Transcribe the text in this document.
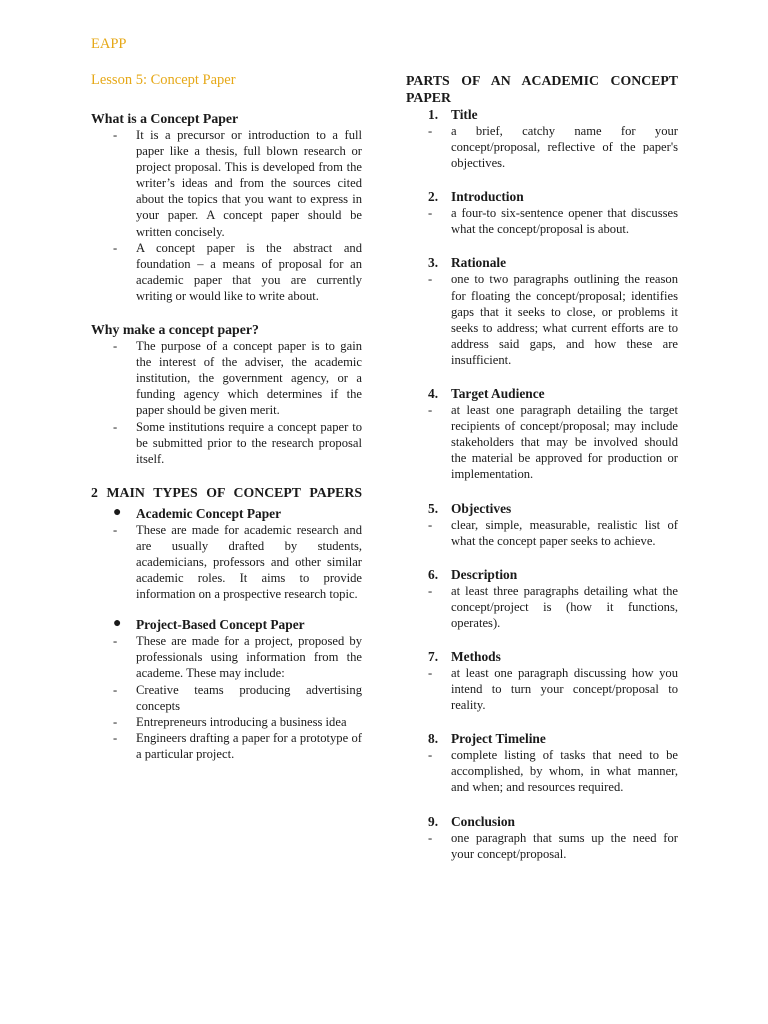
EAPP
Lesson 5: Concept Paper
What is a Concept Paper
- It is a precursor or introduction to a full paper like a thesis, full blown research or project proposal. This is developed from the writer’s ideas and from the sources cited about the topics that you want to express in your paper. A concept paper should be written concisely.
- A concept paper is the abstract and foundation – a means of proposal for an academic paper that you are currently writing or would like to write about.
Why make a concept paper?
- The purpose of a concept paper is to gain the interest of the adviser, the academic institution, the government agency, or a funding agency which determines if the paper should be given merit.
- Some institutions require a concept paper to be submitted prior to the research proposal itself.
2 MAIN TYPES OF CONCEPT PAPERS
● Academic Concept Paper
- These are made for academic research and are usually drafted by students, academicians, professors and other similar academic roles. It aims to provide information on a prospective research topic.
● Project-Based Concept Paper
- These are made for a project, proposed by professionals using information from the academe. These may include:
- Creative teams producing advertising concepts
- Entrepreneurs introducing a business idea
- Engineers drafting a paper for a prototype of a particular project.
PARTS OF AN ACADEMIC CONCEPT PAPER
1. Title
- a brief, catchy name for your concept/proposal, reflective of the paper's objectives.
2. Introduction
- a four-to six-sentence opener that discusses what the concept/proposal is about.
3. Rationale
- one to two paragraphs outlining the reason for floating the concept/proposal; identifies gaps that it seeks to close, or problems it seeks to address; what current efforts are to address said gaps, and how these are insufficient.
4. Target Audience
- at least one paragraph detailing the target recipients of concept/proposal; may include stakeholders that may be involved should the material be approved for production or implementation.
5. Objectives
- clear, simple, measurable, realistic list of what the concept paper seeks to achieve.
6. Description
- at least three paragraphs detailing what the concept/project is (how it functions, operates).
7. Methods
- at least one paragraph discussing how you intend to turn your concept/proposal to reality.
8. Project Timeline
- complete listing of tasks that need to be accomplished, by whom, in what manner, and when; and resources required.
9. Conclusion
- one paragraph that sums up the need for your concept/proposal.
